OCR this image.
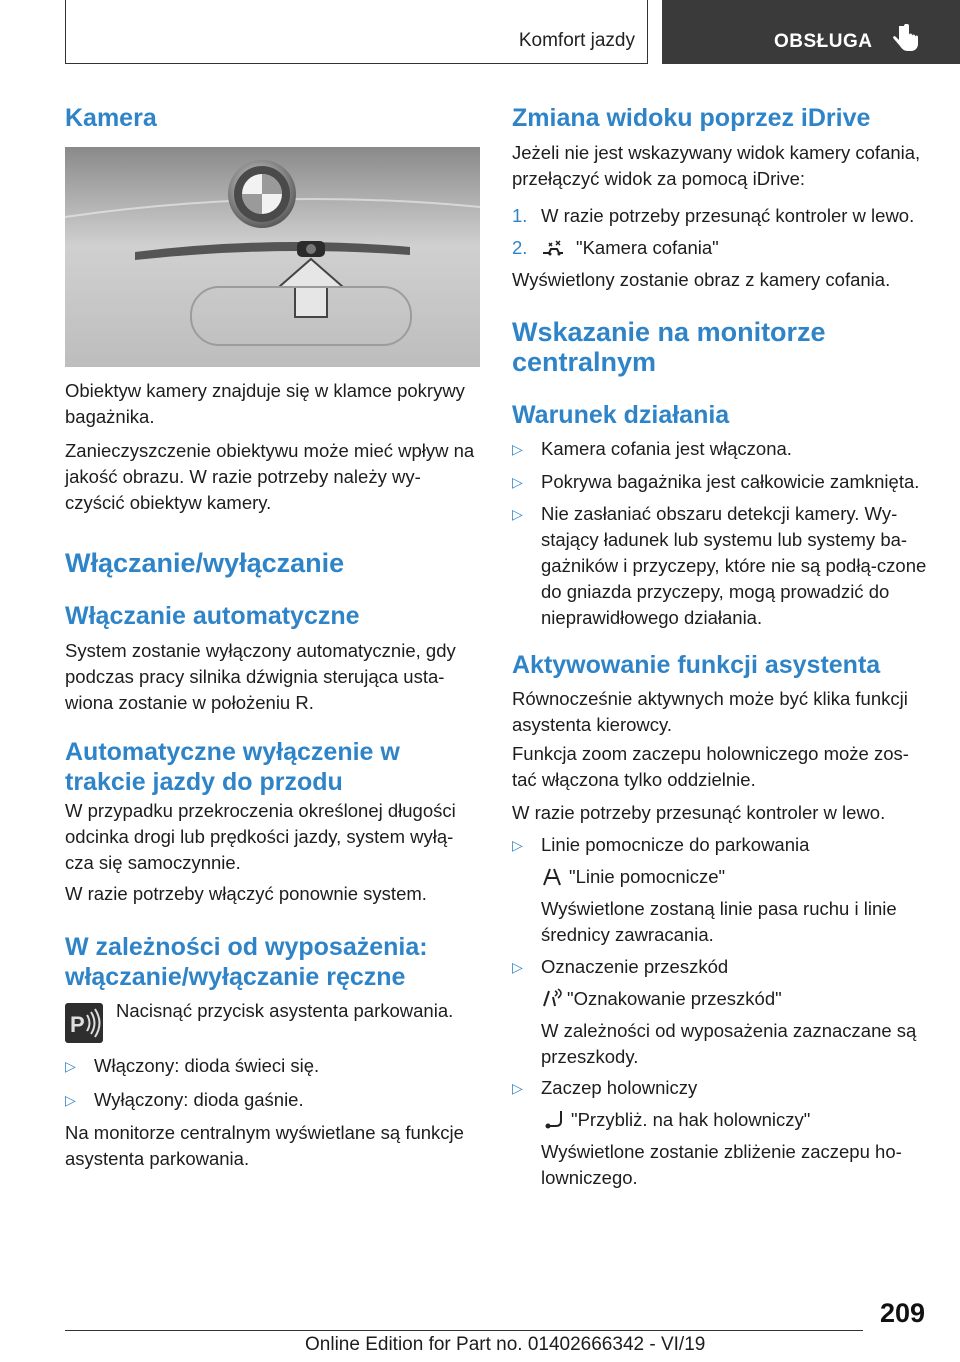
Komfort jazdy	OBSŁUGA
Kamera

Obiektyw kamery znajduje się w klamce pokrywy bagażnika.

Zanieczyszczenie obiektywu może mieć wpływ na jakość obrazu. W razie potrzeby należy wy‐czyścić obiektyw kamery.

Włączanie/wyłączanie
Włączanie automatyczne

System zostanie wyłączony automatycznie, gdy podczas pracy silnika dźwignia sterująca usta‐wiona zostanie w położeniu R.

Automatyczne wyłączenie w trakcie jazdy do przodu

W przypadku przekroczenia określonej długości odcinka drogi lub prędkości jazdy, system wyłą‐cza się samoczynnie.

W razie potrzeby włączyć ponownie system.

W zależności od wyposażenia: włączanie/wyłączanie ręczne
P

Nacisnąć przycisk asystenta parkowania.

▷ Włączony: dioda świeci się.

▷ Wyłączony: dioda gaśnie.

Na monitorze centralnym wyświetlane są funkcje asystenta parkowania.

Zmiana widoku poprzez iDrive

Jeżeli nie jest wskazywany widok kamery cofania, przełączyć widok za pomocą iDrive:

1. W razie potrzeby przesunąć kontroler w lewo.

2.	"Kamera cofania"

Wyświetlony zostanie obraz z kamery cofania.

Wskazanie na monitorze centralnym
Warunek działania
▷ Kamera cofania jest włączona.

▷ Pokrywa bagażnika jest całkowicie zamknięta.

▷ Nie zasłaniać obszaru detekcji kamery. Wy‐stający ładunek lub systemu lub systemy ba‐gażników i przyczepy, które nie są podłą‐czone do gniazda przyczepy, mogą prowadzić do nieprawidłowego działania.

Aktywowanie funkcji asystenta

Równocześnie aktywnych może być klika funkcji asystenta kierowcy.

Funkcja zoom zaczepu holowniczego może zos‐tać włączona tylko oddzielnie.

W razie potrzeby przesunąć kontroler w lewo.

▷ Linie pomocnicze do parkowania

"Linie pomocnicze"

Wyświetlone zostaną linie pasa ruchu i linie średnicy zawracania.

▷ Oznaczenie przeszkód

"Oznakowanie przeszkód"

W zależności od wyposażenia zaznaczane są przeszkody.

▷ Zaczep holowniczy

"Przybliż. na hak holowniczy"

Wyświetlone zostanie zbliżenie zaczepu ho‐lowniczego.

209
Online Edition for Part no. 01402666342 - VI/19
